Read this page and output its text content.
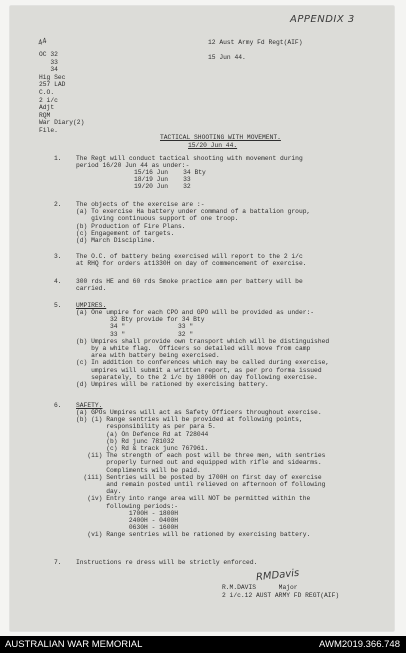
APPENDIX 3
44	12 Aust Army Fd Regt(AIF)
15 Jun 44.
OC 32
33
34
Hig Sec
257 LAD
C.O.
2 i/c
Adjt
RQM
War Diary(2)
File.
TACTICAL SHOOTING WITH MOVEMENT.
15/20 Jun 44.
1. The Regt will conduct tactical shooting with movement during
period 16/20 Jun 44 as under:-
15/16 Jun    34 Bty
18/19 Jun    33
19/20 Jun    32
2. The objects of the exercise are :-
(a) To exercise Ha battery under command of a battalion group,
giving continuous support of one troop.
(b) Production of Fire Plans.
(c) Engagement of targets.
(d) March Discipline.
3. The O.C. of battery being exercised will report to the 2 i/c
at RHQ for orders at1330H on day of commencement of exercise.
4. 300 rds HE and 60 rds Smoke practice amn per battery will be
carried.
5. UMPIRES.
(a) One umpire for each CPO and GPO will be provided as under:-
32 Bty provide for 34 Bty
34 "              33 "
33 "              32 "
(b) Umpires shall provide own transport which will be distinguished
by a white flag.  Officers so detailed will move from camp
area with battery being exercised.
(c) In addition to conferences which may be called during exercise,
umpires will submit a written report, as per pro forma issued
separately, to the 2 i/c by 1800H on day following exercise.
(d) Umpires will be rationed by exercising battery.
6. SAFETY.
(a) GPOs Umpires will act as Safety Officers throughout exercise.
(b) (i) Range sentries will be provided at following points,
responsibility as per para 5.
(a) On Defence Rd at 728044
(b) Rd junc 781032
(c) Rd & track junc 767961.
(ii) The strength of each post will be three men, with sentries
properly turned out and equipped with rifle and sidearms.
Compliments will be paid.
(iii) Sentries will be posted by 1700H on first day of exercise
and remain posted until relieved on afternoon of following
day.
(iv) Entry into range area will NOT be permitted within the
following periods:-
1700H - 1800H
2400H - 0400H
0630H - 1600H
(vi) Range sentries will be rationed by exercising battery.
7. Instructions re dress will be strictly enforced.
RMDavis
R.M.DAVIS      Major
2 i/c.12 AUST ARMY FD REGT(AIF)
AUSTRALIAN WAR MEMORIAL	AWM2019.366.748
